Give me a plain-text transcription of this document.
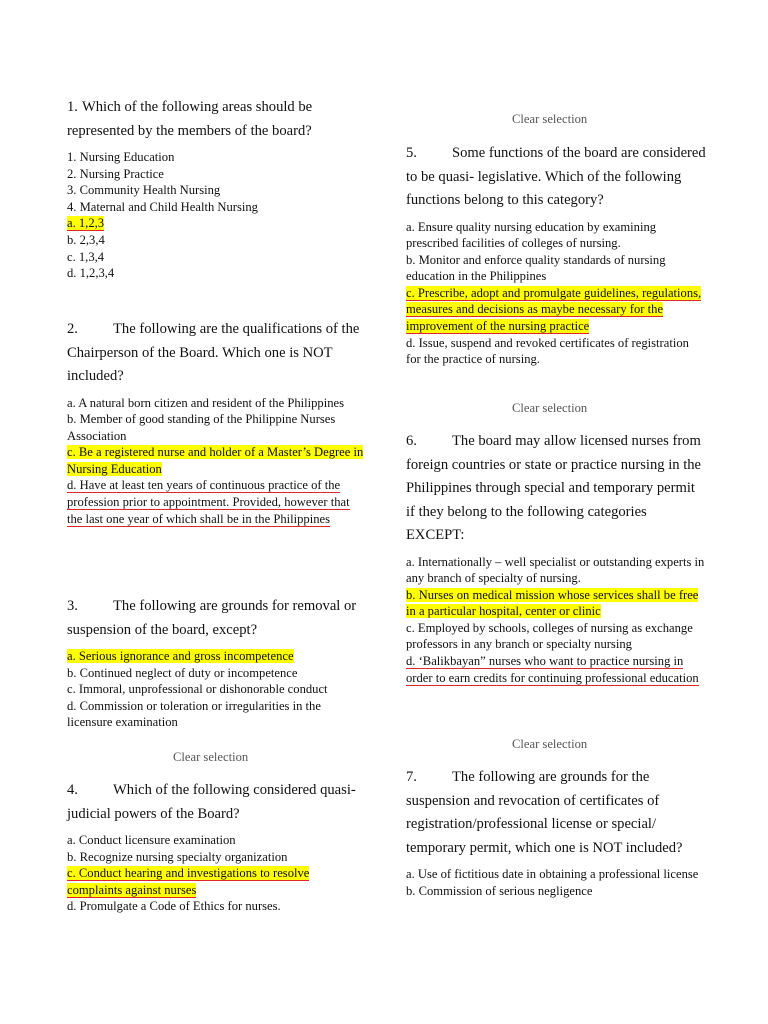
1. Which of the following areas should be represented by the members of the board?

1. Nursing Education
2. Nursing Practice
3. Community Health Nursing
4. Maternal and Child Health Nursing
a. 1,2,3
b. 2,3,4
c. 1,3,4
d. 1,2,3,4

2. The following are the qualifications of the Chairperson of the Board. Which one is NOT included?

a. A natural born citizen and resident of the Philippines
b. Member of good standing of the Philippine Nurses Association
c. Be a registered nurse and holder of a Master’s Degree in Nursing Education
d. Have at least ten years of continuous practice of the profession prior to appointment. Provided, however that the last one year of which shall be in the Philippines

3. The following are grounds for removal or suspension of the board, except?

a. Serious ignorance and gross incompetence
b. Continued neglect of duty or incompetence
c. Immoral, unprofessional or dishonorable conduct
d. Commission or toleration or irregularities in the licensure examination
Clear selection

4. Which of the following considered quasi- judicial powers of the Board?

a. Conduct licensure examination
b. Recognize nursing specialty organization
c. Conduct hearing and investigations to resolve complaints against nurses
d. Promulgate a Code of Ethics for nurses.
Clear selection

5. Some functions of the board are considered to be quasi- legislative. Which of the following functions belong to this category?

a. Ensure quality nursing education by examining prescribed facilities of colleges of nursing.
b. Monitor and enforce quality standards of nursing education in the Philippines
c. Prescribe, adopt and promulgate guidelines, regulations, measures and decisions as maybe necessary for the improvement of the nursing practice
d. Issue, suspend and revoked certificates of registration for the practice of nursing.
Clear selection

6. The board may allow licensed nurses from foreign countries or state or practice nursing in the Philippines through special and temporary permit if they belong to the following categories EXCEPT:

a. Internationally – well specialist or outstanding experts in any branch of specialty of nursing.
b. Nurses on medical mission whose services shall be free in a particular hospital, center or clinic
c. Employed by schools, colleges of nursing as exchange professors in any branch or specialty nursing
d. ‘Balikbayan” nurses who want to practice nursing in order to earn credits for continuing professional education
Clear selection

7. The following are grounds for the suspension and revocation of certificates of registration/professional license or special/ temporary permit, which one is NOT included?

a. Use of fictitious date in obtaining a professional license
b. Commission of serious negligence
